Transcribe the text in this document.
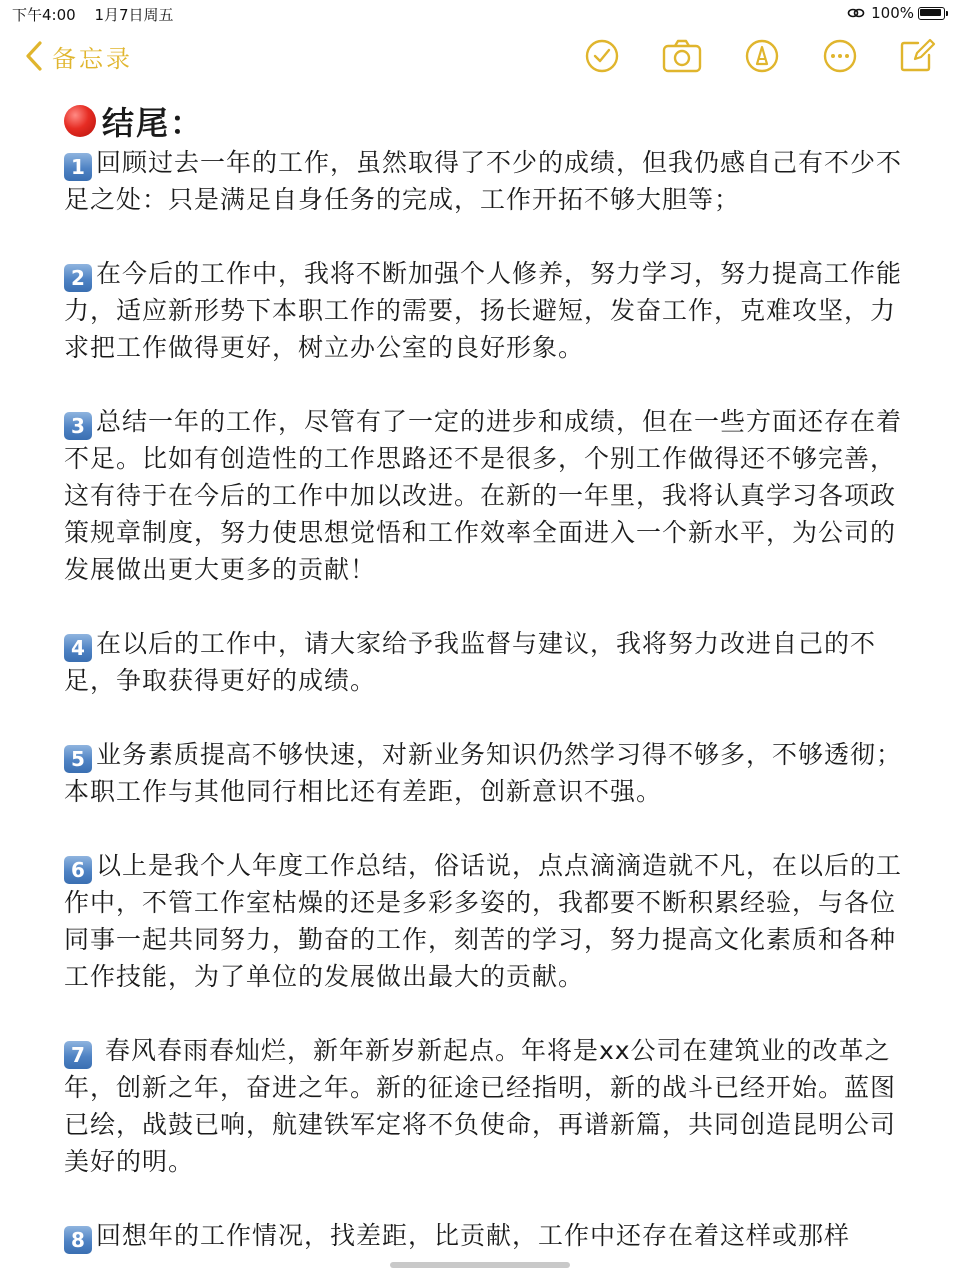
下午4:00 1月7日周五	100%
备忘录
结尾：

1 回顾过去一年的工作，虽然取得了不少的成绩，但我仍感自己有不少不足之处：只是满足自身任务的完成，工作开拓不够大胆等；

2 在今后的工作中，我将不断加强个人修养，努力学习，努力提高工作能力，适应新形势下本职工作的需要，扬长避短，发奋工作，克难攻坚，力求把工作做得更好，树立办公室的良好形象。

3 总结一年的工作，尽管有了一定的进步和成绩，但在一些方面还存在着不足。比如有创造性的工作思路还不是很多，个别工作做得还不够完善，这有待于在今后的工作中加以改进。在新的一年里，我将认真学习各项政策规章制度，努力使思想觉悟和工作效率全面进入一个新水平，为公司的发展做出更大更多的贡献！

4 在以后的工作中，请大家给予我监督与建议，我将努力改进自己的不足，争取获得更好的成绩。

5 业务素质提高不够快速，对新业务知识仍然学习得不够多，不够透彻；本职工作与其他同行相比还有差距，创新意识不强。

6 以上是我个人年度工作总结，俗话说，点点滴滴造就不凡，在以后的工作中，不管工作室枯燥的还是多彩多姿的，我都要不断积累经验，与各位同事一起共同努力，勤奋的工作，刻苦的学习，努力提高文化素质和各种工作技能，为了单位的发展做出最大的贡献。

7 春风春雨春灿烂，新年新岁新起点。年将是xx公司在建筑业的改革之年，创新之年，奋进之年。新的征途已经指明，新的战斗已经开始。蓝图已绘，战鼓已响，航建铁军定将不负使命，再谱新篇，共同创造昆明公司美好的明。

8 回想年的工作情况，找差距，比贡献，工作中还存在着这样或那样
